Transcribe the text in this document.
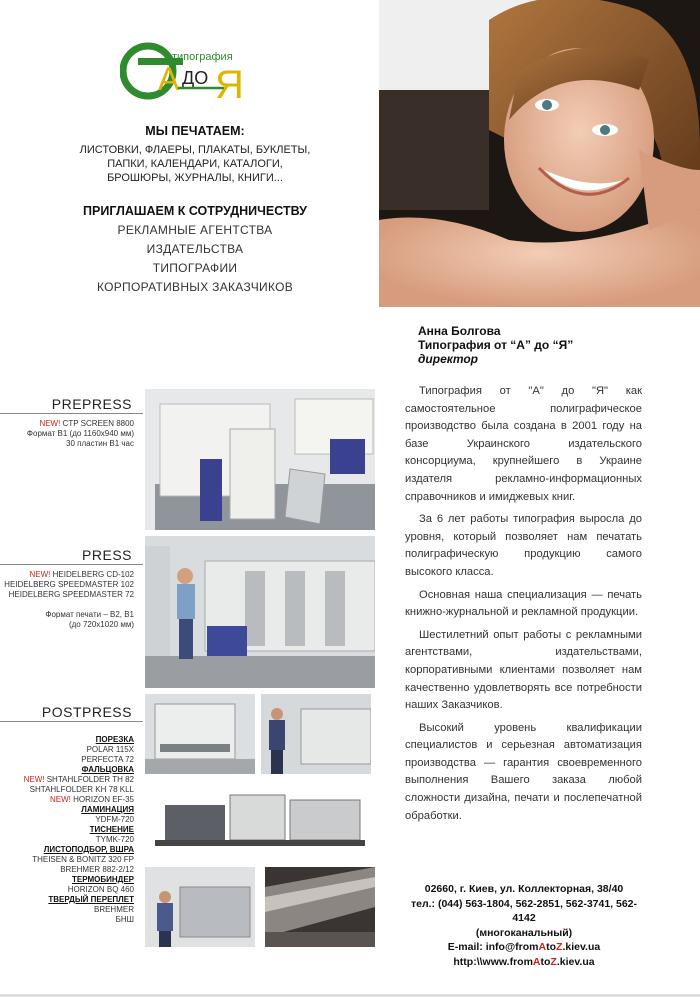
типография
А ДО Я
МЫ ПЕЧАТАЕМ:
ЛИСТОВКИ, ФЛАЕРЫ, ПЛАКАТЫ, БУКЛЕТЫ,
ПАПКИ, КАЛЕНДАРИ, КАТАЛОГИ,
БРОШЮРЫ, ЖУРНАЛЫ, КНИГИ...
ПРИГЛАШАЕМ К СОТРУДНИЧЕСТВУ
РЕКЛАМНЫЕ АГЕНТСТВА
ИЗДАТЕЛЬСТВА
ТИПОГРАФИИ
КОРПОРАТИВНЫХ ЗАКАЗЧИКОВ
Анна Болгова
Типография от “А” до “Я”
директор

Типография от "А" до "Я" как самостоятельное полиграфическое производство была создана в 2001 году на базе Украинского издательского консорциума, крупнейшего в Украине издателя рекламно-информационных справочников и имиджевых книг.

За 6 лет работы типография выросла до уровня, который позволяет нам печатать полиграфическую продукцию самого высокого класса.

Основная наша специализация — печать книжно-журнальной и рекламной продукции.

Шестилетний опыт работы с рекламными агентствами, издательствами, корпоративными клиентами позволяет нам качественно удовлетворять все потребности наших Заказчиков.

Высокий уровень квалификации специалистов и серьезная автоматизация производства — гарантия своевременного выполнения Вашего заказа любой сложности дизайна, печати и послепечатной обработки.

02660, г. Киев, ул. Коллекторная, 38/40
тел.: (044) 563-1804, 562-2851, 562-3741, 562-4142
(многоканальный)
E-mail: info@fromAtoZ.kiev.ua
http:\\www.fromAtoZ.kiev.ua
PREPRESS
NEW! CTP SCREEN 8800
Формат B1 (до 1160x940 мм)
30 пластин B1 час
PRESS
NEW! HEIDELBERG CD-102
HEIDELBERG SPEEDMASTER 102
HEIDELBERG SPEEDMASTER 72
Формат печати – B2, B1
(до 720x1020 мм)
POSTPRESS
ПОРЕЗКА
POLAR 115X
PERFECTA 72
ФАЛЬЦОВКА
NEW! SHTAHLFOLDER TH 82
SHTAHLFOLDER KH 78 KLL
NEW! HORIZON EF-35
ЛАМИНАЦИЯ
YDFM-720
ТИСНЕНИЕ
TYMK-720
ЛИСТОПОДБОР, ВШРА
THEISEN & BONITZ 320 FP
BREHMER 882-2/12
ТЕРМОБИНДЕР
HORIZON BQ 460
ТВЕРДЫЙ ПЕРЕПЛЕТ
BREHMER
БНШ
